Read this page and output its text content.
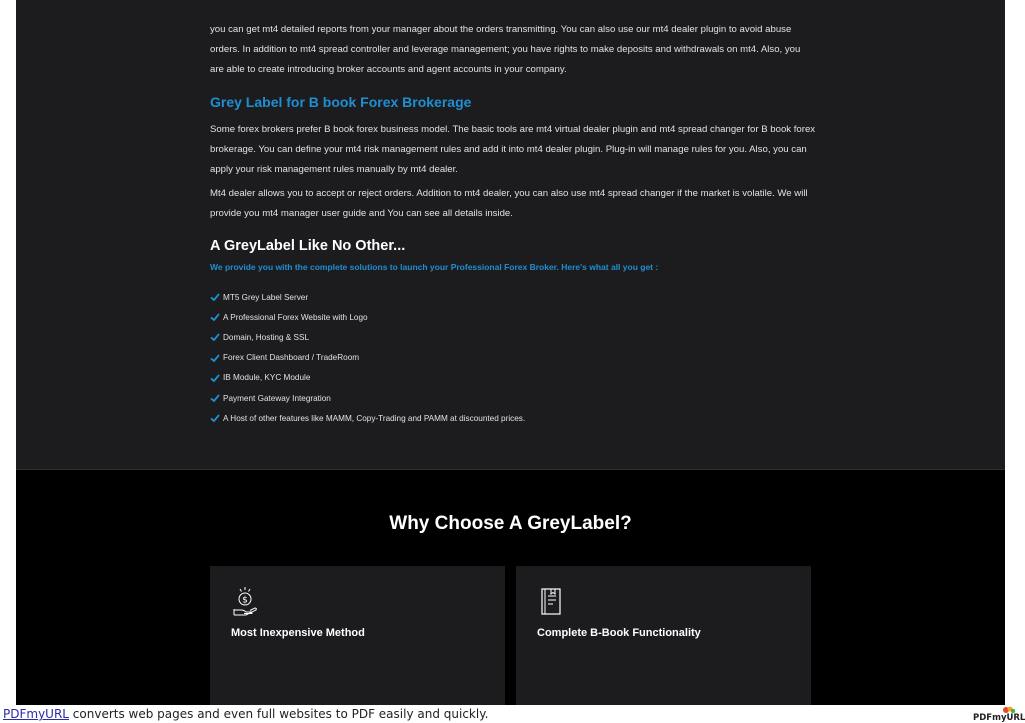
you can get mt4 detailed reports from your manager about the orders transmitting. You can also use our mt4 dealer plugin to avoid abuse orders. In addition to mt4 spread controller and leverage management; you have rights to make deposits and withdrawals on mt4. Also, you are able to create introducing broker accounts and agent accounts in your company.

Grey Label for B book Forex Brokerage

Some forex brokers prefer B book forex business model. The basic tools are mt4 virtual dealer plugin and mt4 spread changer for B book forex brokerage. You can define your mt4 risk management rules and add it into mt4 dealer plugin. Plug-in will manage rules for you. Also, you can apply your risk management rules manually by mt4 dealer.

Mt4 dealer allows you to accept or reject orders. Addition to mt4 dealer, you can also use mt4 spread changer if the market is volatile. We will provide you mt4 manager user guide and You can see all details inside.

A GreyLabel Like No Other...

We provide you with the complete solutions to launch your Professional Forex Broker. Here's what all you get :

MT5 Grey Label Server
A Professional Forex Website with Logo
Domain, Hosting & SSL
Forex Client Dashboard / TradeRoom
IB Module, KYC Module
Payment Gateway Integration
A Host of other features like MAMM, Copy-Trading and PAMM at discounted prices.
Why Choose A GreyLabel?
$
Most Inexpensive Method	Complete B-Book Functionality
PDFmyURL converts web pages and even full websites to PDF easily and quickly.	PDFmyURL
